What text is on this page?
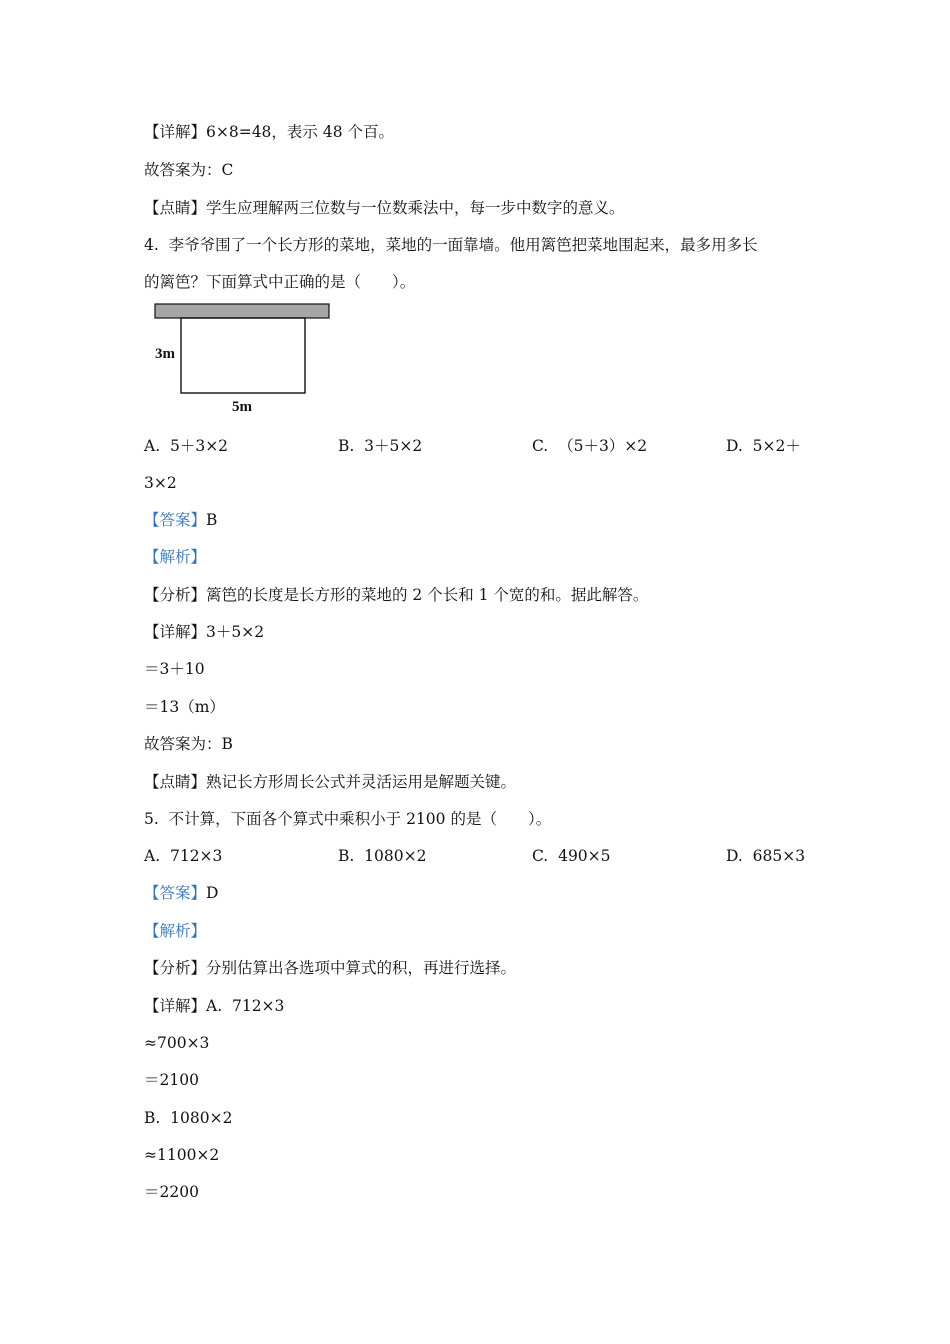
【详解】6×8=48，表示 48 个百。
故答案为：C
【点睛】学生应理解两三位数与一位数乘法中，每一步中数字的意义。
4.  李爷爷围了一个长方形的菜地，菜地的一面靠墙。他用篱笆把菜地围起来，最多用多长
的篱笆？下面算式中正确的是（　　）。
3m
5m
A.  5＋3×2	B.  3＋5×2	C.  （5＋3）×2	D.  5×2＋
3×2
【答案】B
【解析】
【分析】篱笆的长度是长方形的菜地的 2 个长和 1 个宽的和。据此解答。
【详解】3＋5×2
＝3＋10
＝13（m）
故答案为：B
【点睛】熟记长方形周长公式并灵活运用是解题关键。
5.  不计算，下面各个算式中乘积小于 2100 的是（　　）。
A.  712×3	B.  1080×2	C.  490×5	D.  685×3
【答案】D
【解析】
【分析】分别估算出各选项中算式的积，再进行选择。
【详解】A.  712×3
≈700×3
＝2100
B.  1080×2
≈1100×2
＝2200
